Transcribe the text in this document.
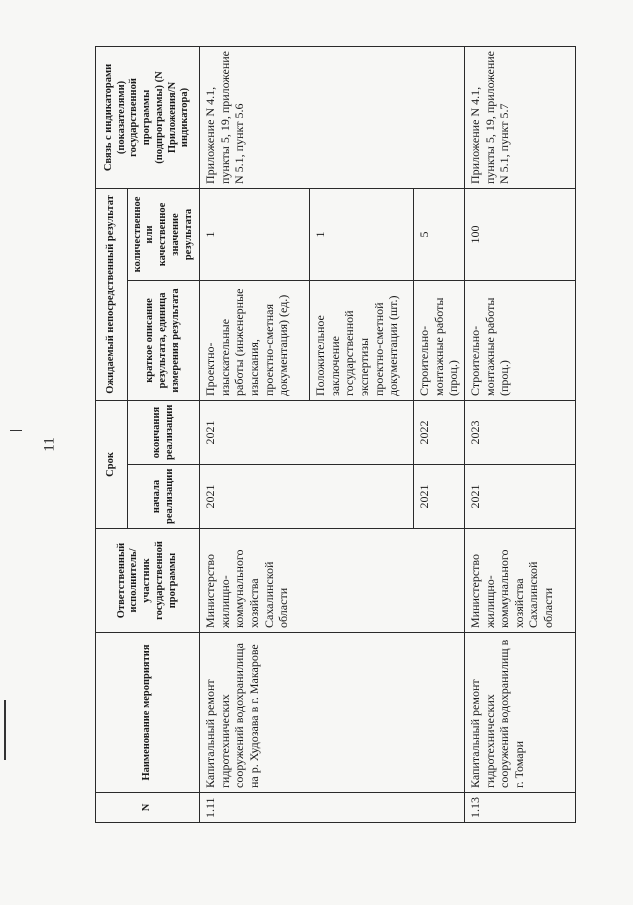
11
N	Наименование мероприятия	Ответственный исполнитель/ участник государственной программы	Срок		Ожидаемый непосредственный результат		Связь с индикаторами (показателями) государственной программы (подпрограммы) (N Приложения/N индикатора)
			начала реализации	окончания реализации	краткое описание результата, единица измерения результата	количественное или качественное значение результата	
1.11	Капитальный ремонт гидротехнических сооружений водохранилища на р. Худозава в г. Макарове	Министерство жилищно-коммунального хозяйства Сахалинской области	2021	2021	Проектно-изыскательные работы (инженерные изыскания, проектно-сметная документация) (ед.)	1	Приложение N 4.1, пункты 5, 19, приложение N 5.1, пункт 5.6
					Положительное заключение государственной экспертизы проектно-сметной документации (шт.)	1	
			2021	2022	Строительно-монтажные работы (проц.)	5	
1.13	Капитальный ремонт гидротехнических сооружений водохранилищ в г. Томари	Министерство жилищно-коммунального хозяйства Сахалинской области	2021	2023	Строительно-монтажные работы (проц.)	100	Приложение N 4.1, пункты 5, 19, приложение N 5.1, пункт 5.7
